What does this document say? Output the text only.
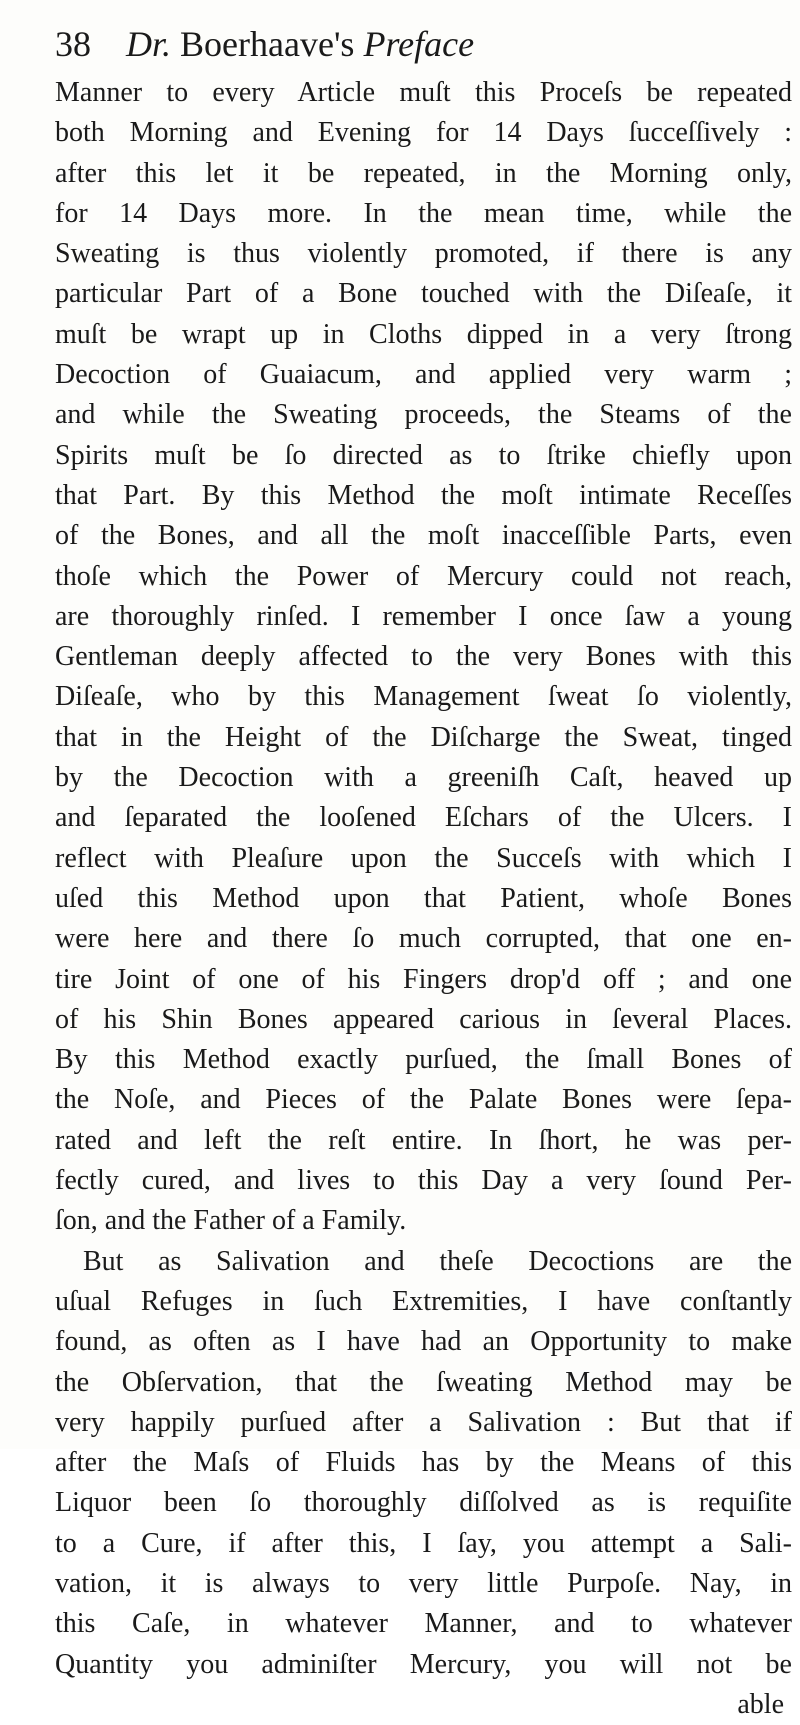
38 Dr. Boerhaave's Preface
Manner to every Article muſt this Proceſs be repeated
both Morning and Evening for 14 Days ſucceſſively :
after this let it be repeated, in the Morning only,
for 14 Days more. In the mean time, while the
Sweating is thus violently promoted, if there is any
particular Part of a Bone touched with the Diſeaſe, it
muſt be wrapt up in Cloths dipped in a very ſtrong
Decoction of Guaiacum, and applied very warm ;
and while the Sweating proceeds, the Steams of the
Spirits muſt be ſo directed as to ſtrike chiefly upon
that Part. By this Method the moſt intimate Receſſes
of the Bones, and all the moſt inacceſſible Parts, even
thoſe which the Power of Mercury could not reach,
are thoroughly rinſed. I remember I once ſaw a young
Gentleman deeply affected to the very Bones with this
Diſeaſe, who by this Management ſweat ſo violently,
that in the Height of the Diſcharge the Sweat, tinged
by the Decoction with a greeniſh Caſt, heaved up
and ſeparated the looſened Eſchars of the Ulcers. I
reflect with Pleaſure upon the Succeſs with which I
uſed this Method upon that Patient, whoſe Bones
were here and there ſo much corrupted, that one en-
tire Joint of one of his Fingers drop'd off ; and one
of his Shin Bones appeared carious in ſeveral Places.
By this Method exactly purſued, the ſmall Bones of
the Noſe, and Pieces of the Palate Bones were ſepa-
rated and left the reſt entire. In ſhort, he was per-
fectly cured, and lives to this Day a very ſound Per-
ſon, and the Father of a Family.
But as Salivation and theſe Decoctions are the
uſual Refuges in ſuch Extremities, I have conſtantly
found, as often as I have had an Opportunity to make
the Obſervation, that the ſweating Method may be
very happily purſued after a Salivation : But that if
after the Maſs of Fluids has by the Means of this
Liquor been ſo thoroughly diſſolved as is requiſite
to a Cure, if after this, I ſay, you attempt a Sali-
vation, it is always to very little Purpoſe. Nay, in
this Caſe, in whatever Manner, and to whatever
Quantity you adminiſter Mercury, you will not be
able
